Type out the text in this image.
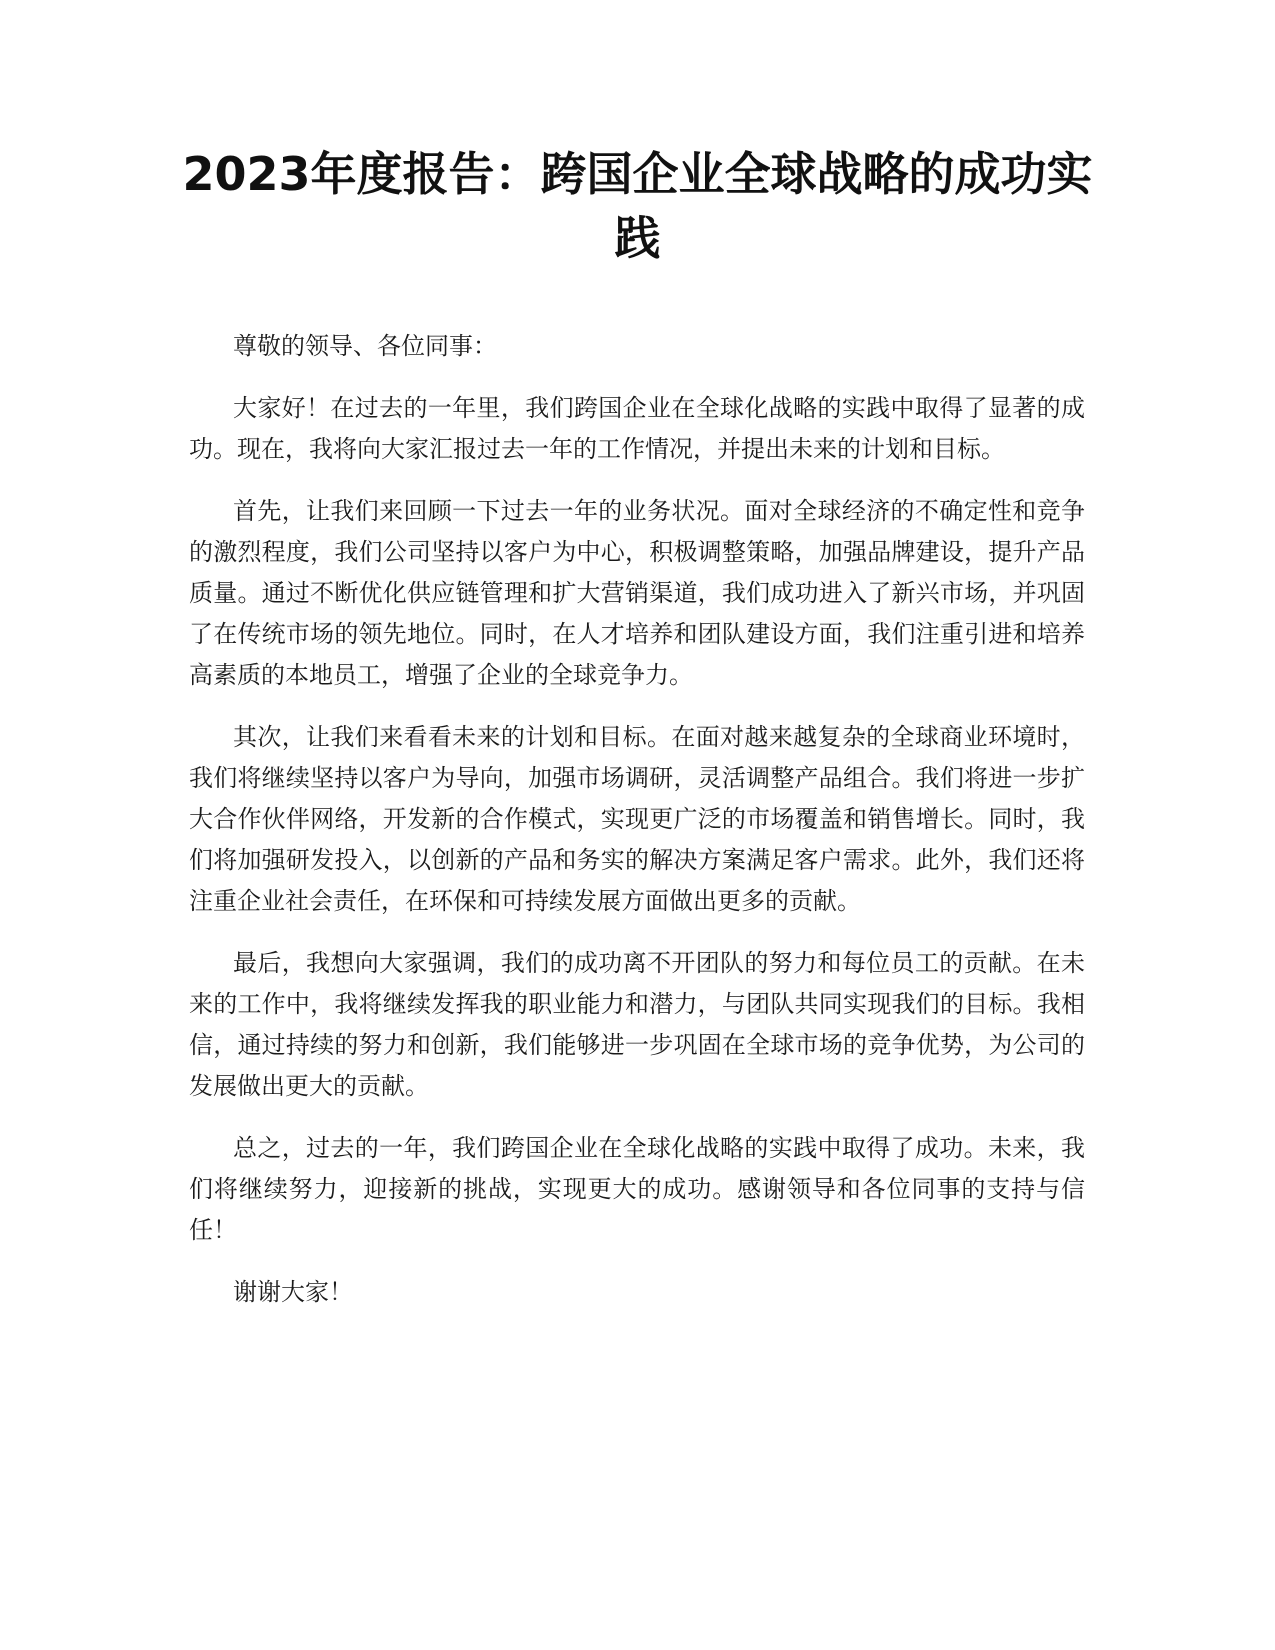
2023年度报告：跨国企业全球战略的成功实践

尊敬的领导、各位同事：

大家好！在过去的一年里，我们跨国企业在全球化战略的实践中取得了显著的成功。现在，我将向大家汇报过去一年的工作情况，并提出未来的计划和目标。

首先，让我们来回顾一下过去一年的业务状况。面对全球经济的不确定性和竞争的激烈程度，我们公司坚持以客户为中心，积极调整策略，加强品牌建设，提升产品质量。通过不断优化供应链管理和扩大营销渠道，我们成功进入了新兴市场，并巩固了在传统市场的领先地位。同时，在人才培养和团队建设方面，我们注重引进和培养高素质的本地员工，增强了企业的全球竞争力。

其次，让我们来看看未来的计划和目标。在面对越来越复杂的全球商业环境时，我们将继续坚持以客户为导向，加强市场调研，灵活调整产品组合。我们将进一步扩大合作伙伴网络，开发新的合作模式，实现更广泛的市场覆盖和销售增长。同时，我们将加强研发投入，以创新的产品和务实的解决方案满足客户需求。此外，我们还将注重企业社会责任，在环保和可持续发展方面做出更多的贡献。

最后，我想向大家强调，我们的成功离不开团队的努力和每位员工的贡献。在未来的工作中，我将继续发挥我的职业能力和潜力，与团队共同实现我们的目标。我相信，通过持续的努力和创新，我们能够进一步巩固在全球市场的竞争优势，为公司的发展做出更大的贡献。

总之，过去的一年，我们跨国企业在全球化战略的实践中取得了成功。未来，我们将继续努力，迎接新的挑战，实现更大的成功。感谢领导和各位同事的支持与信任！

谢谢大家！
